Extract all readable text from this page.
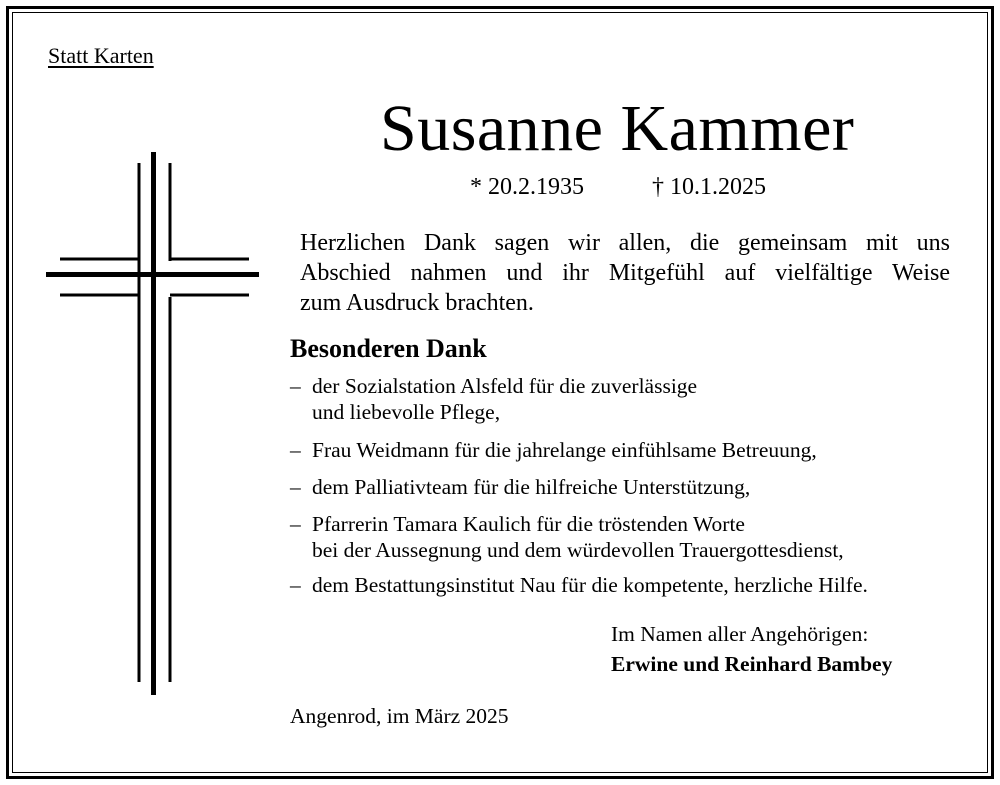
Statt Karten
Susanne Kammer
* 20.2.1935	† 10.1.2025
Herzlichen Dank sagen wir allen, die gemeinsam mit uns
Abschied nahmen und ihr Mitgefühl auf vielfältige Weise
zum Ausdruck brachten.
Besonderen Dank
– der Sozialstation Alsfeld für die zuverlässige
und liebevolle Pflege,
– Frau Weidmann für die jahrelange einfühlsame Betreuung,
– dem Palliativteam für die hilfreiche Unterstützung,
– Pfarrerin Tamara Kaulich für die tröstenden Worte
bei der Aussegnung und dem würdevollen Trauergottesdienst,
– dem Bestattungsinstitut Nau für die kompetente, herzliche Hilfe.
Im Namen aller Angehörigen:
Erwine und Reinhard Bambey
Angenrod, im März 2025
